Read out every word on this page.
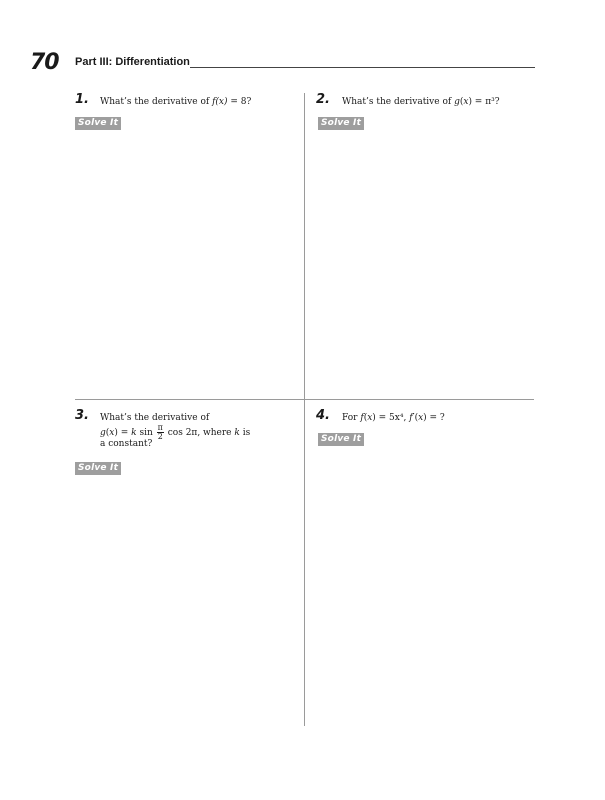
70 Part III: Differentiation
1. What’s the derivative of f(x) = 8?
Solve It
2. What’s the derivative of g(x) = π³?
Solve It
3. What’s the derivative of
g(x) = k $\sin \frac{\pi}{2}$ cos 2π, where k is
a constant?
Solve It
4. For f(x) = 5x⁴, f′(x) = ?
Solve It
